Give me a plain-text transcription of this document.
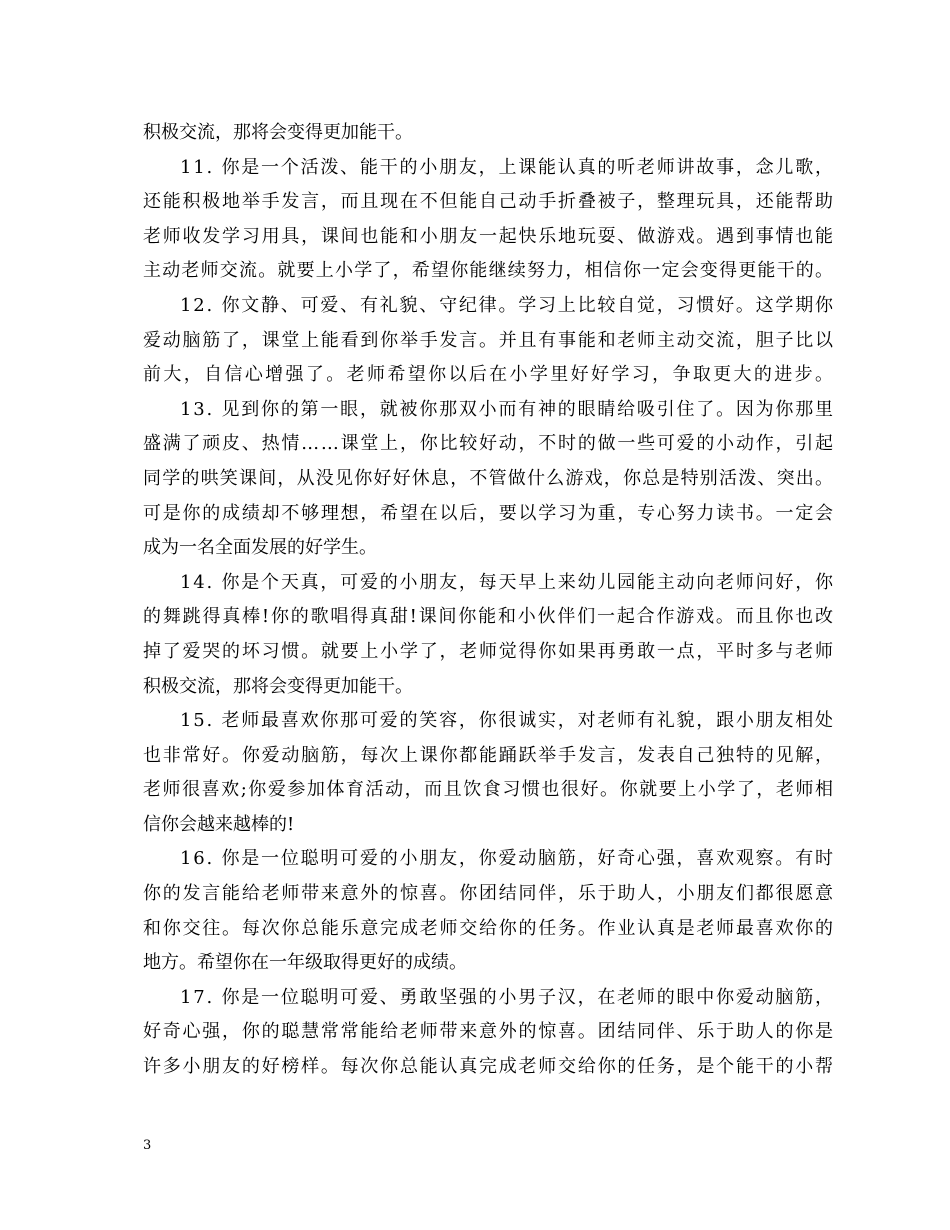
积极交流，那将会变得更加能干。
11. 你是一个活泼、能干的小朋友，上课能认真的听老师讲故事，念儿歌，
还能积极地举手发言，而且现在不但能自己动手折叠被子，整理玩具，还能帮助
老师收发学习用具，课间也能和小朋友一起快乐地玩耍、做游戏。遇到事情也能
主动老师交流。就要上小学了，希望你能继续努力，相信你一定会变得更能干的。
12. 你文静、可爱、有礼貌、守纪律。学习上比较自觉，习惯好。这学期你
爱动脑筋了，课堂上能看到你举手发言。并且有事能和老师主动交流，胆子比以
前大，自信心增强了。老师希望你以后在小学里好好学习，争取更大的进步。
13. 见到你的第一眼，就被你那双小而有神的眼睛给吸引住了。因为你那里
盛满了顽皮、热情……课堂上，你比较好动，不时的做一些可爱的小动作，引起
同学的哄笑课间，从没见你好好休息，不管做什么游戏，你总是特别活泼、突出。
可是你的成绩却不够理想，希望在以后，要以学习为重，专心努力读书。一定会
成为一名全面发展的好学生。
14. 你是个天真，可爱的小朋友，每天早上来幼儿园能主动向老师问好，你
的舞跳得真棒!你的歌唱得真甜!课间你能和小伙伴们一起合作游戏。而且你也改
掉了爱哭的坏习惯。就要上小学了，老师觉得你如果再勇敢一点，平时多与老师
积极交流，那将会变得更加能干。
15. 老师最喜欢你那可爱的笑容，你很诚实，对老师有礼貌，跟小朋友相处
也非常好。你爱动脑筋，每次上课你都能踊跃举手发言，发表自己独特的见解，
老师很喜欢;你爱参加体育活动，而且饮食习惯也很好。你就要上小学了，老师相
信你会越来越棒的!
16. 你是一位聪明可爱的小朋友，你爱动脑筋，好奇心强，喜欢观察。有时
你的发言能给老师带来意外的惊喜。你团结同伴，乐于助人，小朋友们都很愿意
和你交往。每次你总能乐意完成老师交给你的任务。作业认真是老师最喜欢你的
地方。希望你在一年级取得更好的成绩。
17. 你是一位聪明可爱、勇敢坚强的小男子汉，在老师的眼中你爱动脑筋，
好奇心强，你的聪慧常常能给老师带来意外的惊喜。团结同伴、乐于助人的你是
许多小朋友的好榜样。每次你总能认真完成老师交给你的任务，是个能干的小帮
3
